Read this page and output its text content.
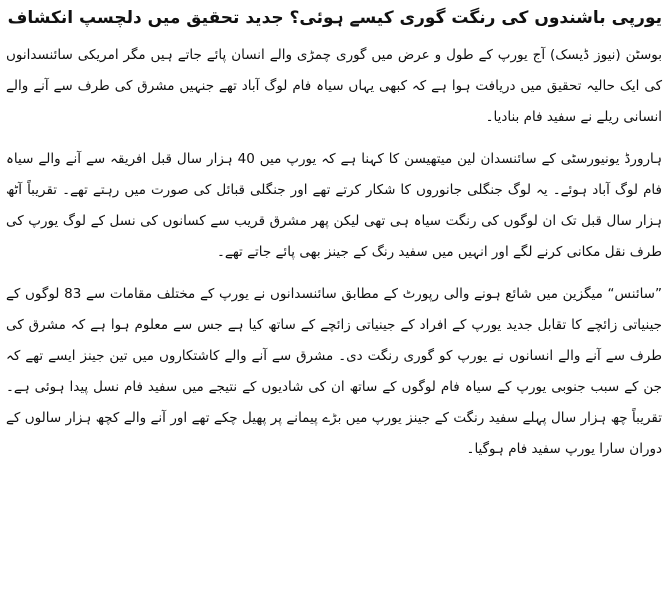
یورپی باشندوں کی رنگت گوری کیسے ہوئی؟ جدید تحقیق میں دلچسپ انکشاف

بوسٹن (نیوز ڈیسک) آج یورپ کے طول و عرض میں گوری چمڑی والے انسان پائے جاتے ہیں مگر امریکی سائنسدانوں کی ایک حالیہ تحقیق میں دریافت ہوا ہے کہ کبھی یہاں سیاہ فام لوگ آباد تھے جنہیں مشرق کی طرف سے آنے والے انسانی ریلے نے سفید فام بنادیا۔

ہارورڈ یونیورسٹی کے سائنسدان لین میتھیسن کا کہنا ہے کہ یورپ میں 40 ہزار سال قبل افریقہ سے آنے والے سیاہ فام لوگ آباد ہوئے۔ یہ لوگ جنگلی جانوروں کا شکار کرتے تھے اور جنگلی قبائل کی صورت میں رہتے تھے۔ تقریباً آٹھ ہزار سال قبل تک ان لوگوں کی رنگت سیاہ ہی تھی لیکن پھر مشرق قریب سے کسانوں کی نسل کے لوگ یورپ کی طرف نقل مکانی کرنے لگے اور انہیں میں سفید رنگ کے جینز بھی پائے جاتے تھے۔

”سائنس“ میگزین میں شائع ہونے والی رپورٹ کے مطابق سائنسدانوں نے یورپ کے مختلف مقامات سے 83 لوگوں کے جینیاتی زائچے کا تقابل جدید یورپ کے افراد کے جینیاتی زائچے کے ساتھ کیا ہے جس سے معلوم ہوا ہے کہ مشرق کی طرف سے آنے والے انسانوں نے یورپ کو گوری رنگت دی۔ مشرق سے آنے والے کاشتکاروں میں تین جینز ایسے تھے کہ جن کے سبب جنوبی یورپ کے سیاہ فام لوگوں کے ساتھ ان کی شادیوں کے نتیجے میں سفید فام نسل پیدا ہوئی ہے۔ تقریباً چھ ہزار سال پہلے سفید رنگت کے جینز یورپ میں بڑے پیمانے پر پھیل چکے تھے اور آنے والے کچھ ہزار سالوں کے دوران سارا یورپ سفید فام ہوگیا۔
